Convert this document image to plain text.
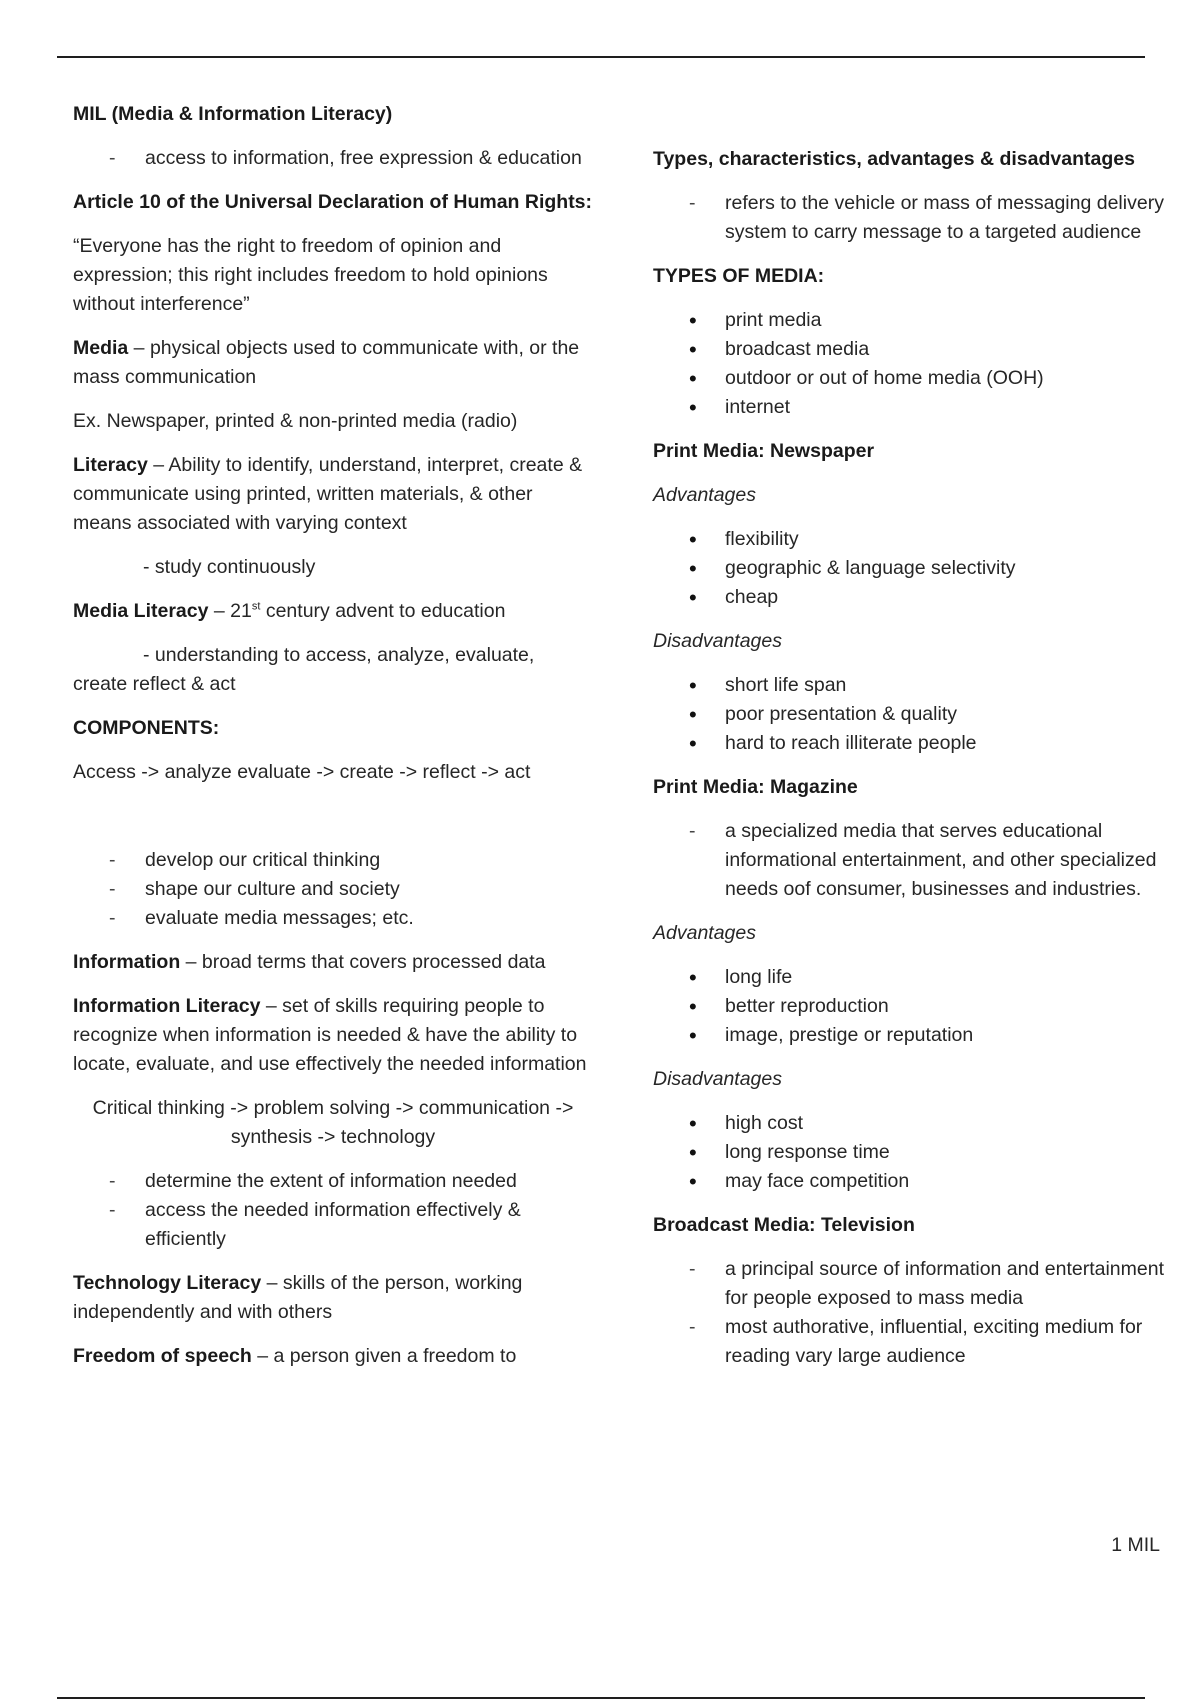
MIL (Media & Information Literacy)

- access to information, free expression & education

Article 10 of the Universal Declaration of Human Rights:

“Everyone has the right to freedom of opinion and expression; this right includes freedom to hold opinions without interference”

Media – physical objects used to communicate with, or the mass communication

Ex. Newspaper, printed & non-printed media (radio)

Literacy – Ability to identify, understand, interpret, create & communicate using printed, written materials, & other means associated with varying context

- study continuously

Media Literacy – 21st century advent to education

- understanding to access, analyze, evaluate, create reflect & act

COMPONENTS:

Access -> analyze evaluate -> create -> reflect -> act

- develop our critical thinking
- shape our culture and society
- evaluate media messages; etc.

Information – broad terms that covers processed data

Information Literacy – set of skills requiring people to recognize when information is needed & have the ability to locate, evaluate, and use effectively the needed information

Critical thinking -> problem solving -> communication ->
synthesis -> technology

- determine the extent of information needed
- access the needed information effectively & efficiently

Technology Literacy – skills of the person, working independently and with others

Freedom of speech – a person given a freedom to

Types, characteristics, advantages & disadvantages

- refers to the vehicle or mass of messaging delivery system to carry message to a targeted audience

TYPES OF MEDIA:

• print media
• broadcast media
• outdoor or out of home media (OOH)
• internet

Print Media: Newspaper

Advantages

• flexibility
• geographic & language selectivity
• cheap

Disadvantages

• short life span
• poor presentation & quality
• hard to reach illiterate people

Print Media: Magazine

- a specialized media that serves educational informational entertainment, and other specialized needs oof consumer, businesses and industries.

Advantages

• long life
• better reproduction
• image, prestige or reputation

Disadvantages

• high cost
• long response time
• may face competition

Broadcast Media: Television

- a principal source of information and entertainment for people exposed to mass media
- most authorative, influential, exciting medium for reading vary large audience
1 MIL
